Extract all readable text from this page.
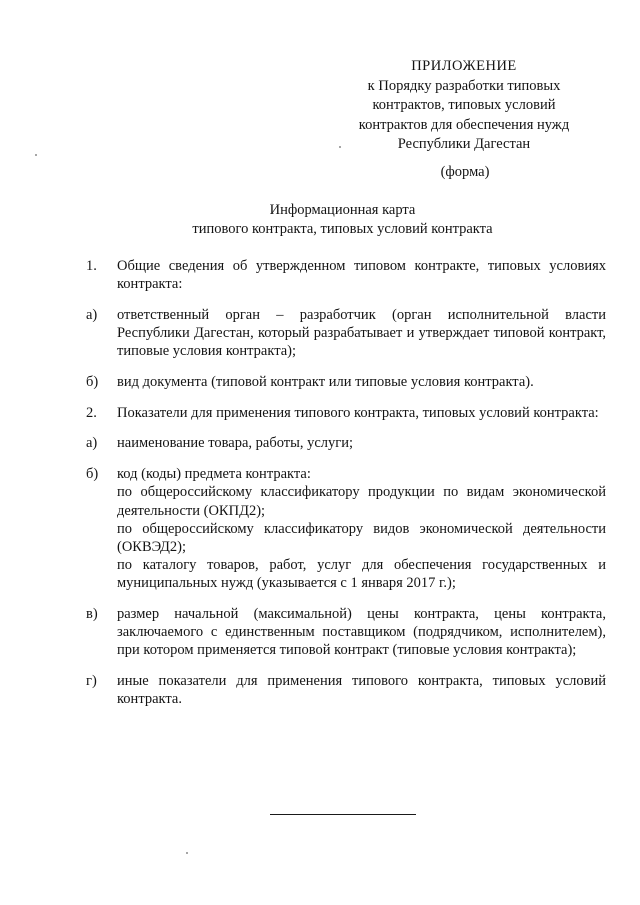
ПРИЛОЖЕНИЕ
к Порядку разработки типовых
контрактов, типовых условий
контрактов для обеспечения нужд
Республики Дагестан
(форма)
Информационная карта
типового контракта, типовых условий контракта
1.	Общие сведения об утвержденном типовом контракте, типовых условиях контракта:
а)	ответственный орган – разработчик (орган исполнительной власти Республики Дагестан, который разрабатывает и утверждает типовой контракт, типовые условия контракта);
б)	вид документа (типовой контракт или типовые условия контракта).
2.	Показатели для применения типового контракта, типовых условий контракта:
а)	наименование товара, работы, услуги;
б)	код (коды) предмета контракта:

по общероссийскому классификатору продукции по видам экономической деятельности (ОКПД2);

по общероссийскому классификатору видов экономической деятельности (ОКВЭД2);

по каталогу товаров, работ, услуг для обеспечения государственных и муниципальных нужд (указывается с 1 января 2017 г.);

в)	размер начальной (максимальной) цены контракта, цены контракта, заключаемого с единственным поставщиком (подрядчиком, исполнителем), при котором применяется типовой контракт (типовые условия контракта);
г)	иные показатели для применения типового контракта, типовых условий контракта.
